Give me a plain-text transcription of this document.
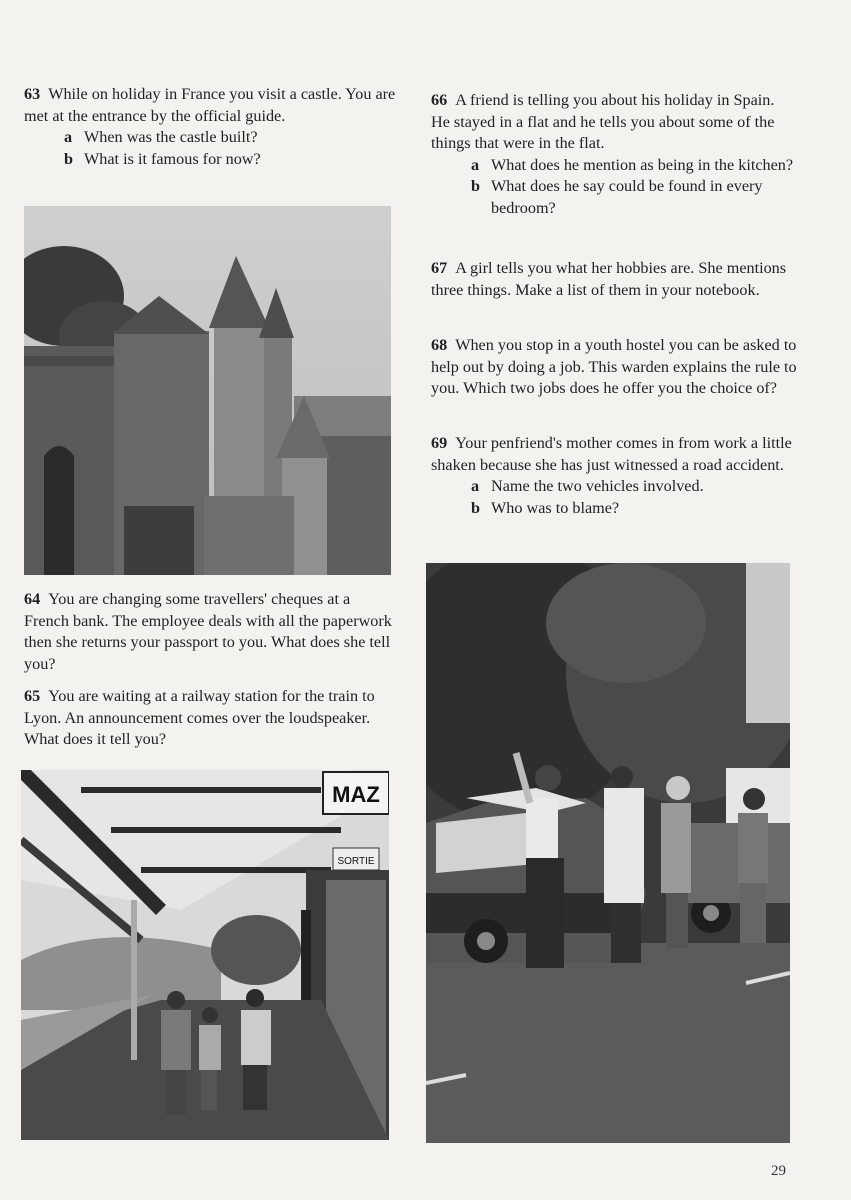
63 While on holiday in France you visit a castle. You are met at the entrance by the official guide.

a When was the castle built?

b What is it famous for now?

64 You are changing some travellers' cheques at a French bank. The employee deals with all the paperwork then she returns your passport to you. What does she tell you?

65 You are waiting at a railway station for the train to Lyon. An announcement comes over the loudspeaker. What does it tell you?

MAZ
SORTIE

66 A friend is telling you about his holiday in Spain. He stayed in a flat and he tells you about some of the things that were in the flat.

a What does he mention as being in the kitchen?

b What does he say could be found in every bedroom?

67 A girl tells you what her hobbies are. She mentions three things. Make a list of them in your notebook.

68 When you stop in a youth hostel you can be asked to help out by doing a job. This warden explains the rule to you. Which two jobs does he offer you the choice of?

69 Your penfriend's mother comes in from work a little shaken because she has just witnessed a road accident.

a Name the two vehicles involved.

b Who was to blame?

29
